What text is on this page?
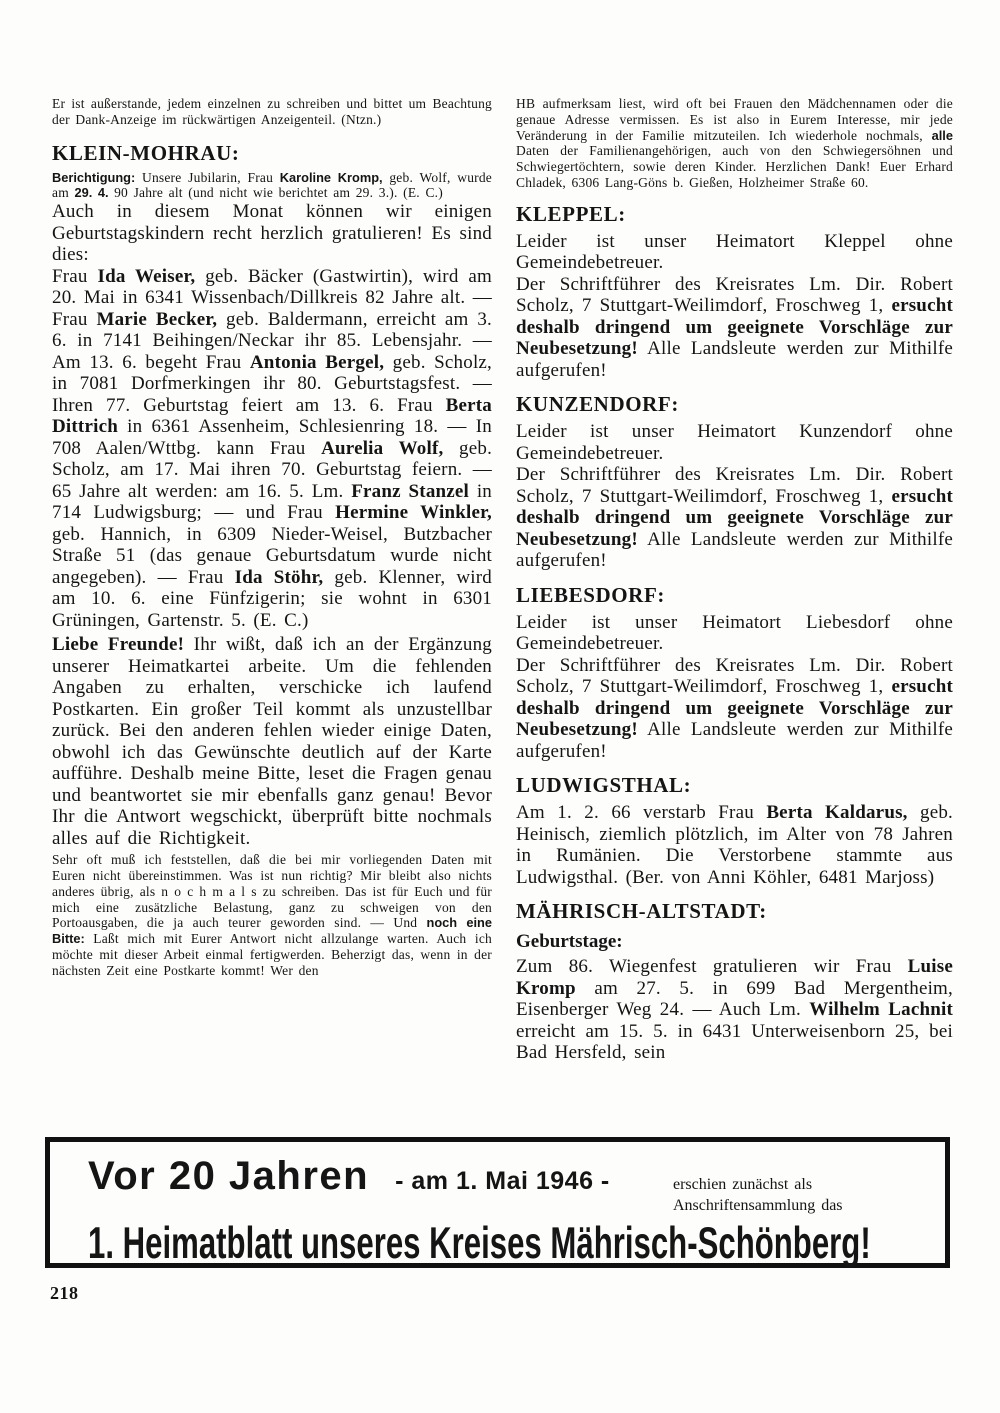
Er ist außerstande, jedem einzelnen zu schreiben und bittet um Beachtung der Dank-Anzeige im rückwärtigen Anzeigenteil. (Ntzn.)

KLEIN-MOHRAU:

Berichtigung: Unsere Jubilarin, Frau Karoline Kromp, geb. Wolf, wurde am 29. 4. 90 Jahre alt (und nicht wie berichtet am 29. 3.). (E. C.)

Auch in diesem Monat können wir einigen Geburtstagskindern recht herzlich gratulieren! Es sind dies:

Frau Ida Weiser, geb. Bäcker (Gastwirtin), wird am 20. Mai in 6341 Wissenbach/Dillkreis 82 Jahre alt. — Frau Marie Becker, geb. Baldermann, erreicht am 3. 6. in 7141 Beihingen/Neckar ihr 85. Lebensjahr. — Am 13. 6. begeht Frau Antonia Bergel, geb. Scholz, in 7081 Dorfmerkingen ihr 80. Geburtstagsfest. — Ihren 77. Geburtstag feiert am 13. 6. Frau Berta Dittrich in 6361 Assenheim, Schlesienring 18. — In 708 Aalen/Wttbg. kann Frau Aurelia Wolf, geb. Scholz, am 17. Mai ihren 70. Geburtstag feiern. — 65 Jahre alt werden: am 16. 5. Lm. Franz Stanzel in 714 Ludwigsburg; — und Frau Hermine Winkler, geb. Hannich, in 6309 Nieder-Weisel, Butzbacher Straße 51 (das genaue Geburtsdatum wurde nicht angegeben). — Frau Ida Stöhr, geb. Klenner, wird am 10. 6. eine Fünfzigerin; sie wohnt in 6301 Grüningen, Gartenstr. 5. (E. C.)

Liebe Freunde! Ihr wißt, daß ich an der Ergänzung unserer Heimatkartei arbeite. Um die fehlenden Angaben zu erhalten, verschicke ich laufend Postkarten. Ein großer Teil kommt als unzustellbar zurück. Bei den anderen fehlen wieder einige Daten, obwohl ich das Gewünschte deutlich auf der Karte aufführe. Deshalb meine Bitte, leset die Fragen genau und beantwortet sie mir ebenfalls ganz genau! Bevor Ihr die Antwort wegschickt, überprüft bitte nochmals alles auf die Richtigkeit.

Sehr oft muß ich feststellen, daß die bei mir vorliegenden Daten mit Euren nicht übereinstimmen. Was ist nun richtig? Mir bleibt also nichts anderes übrig, als n o c h m a l s zu schreiben. Das ist für Euch und für mich eine zusätzliche Belastung, ganz zu schweigen von den Portoausgaben, die ja auch teurer geworden sind. — Und noch eine Bitte: Laßt mich mit Eurer Antwort nicht allzulange warten. Auch ich möchte mit dieser Arbeit einmal fertigwerden. Beherzigt das, wenn in der nächsten Zeit eine Postkarte kommt! Wer den

HB aufmerksam liest, wird oft bei Frauen den Mädchennamen oder die genaue Adresse vermissen. Es ist also in Eurem Interesse, mir jede Veränderung in der Familie mitzuteilen. Ich wiederhole nochmals, alle Daten der Familienangehörigen, auch von den Schwiegersöhnen und Schwiegertöchtern, sowie deren Kinder. Herzlichen Dank! Euer Erhard Chladek, 6306 Lang-Göns b. Gießen, Holzheimer Straße 60.

KLEPPEL:

Leider ist unser Heimatort Kleppel ohne Gemeindebetreuer.

Der Schriftführer des Kreisrates Lm. Dir. Robert Scholz, 7 Stuttgart-Weilimdorf, Froschweg 1, ersucht deshalb dringend um geeignete Vorschläge zur Neubesetzung! Alle Landsleute werden zur Mithilfe aufgerufen!

KUNZENDORF:

Leider ist unser Heimatort Kunzendorf ohne Gemeindebetreuer.

Der Schriftführer des Kreisrates Lm. Dir. Robert Scholz, 7 Stuttgart-Weilimdorf, Froschweg 1, ersucht deshalb dringend um geeignete Vorschläge zur Neubesetzung! Alle Landsleute werden zur Mithilfe aufgerufen!

LIEBESDORF:

Leider ist unser Heimatort Liebesdorf ohne Gemeindebetreuer.

Der Schriftführer des Kreisrates Lm. Dir. Robert Scholz, 7 Stuttgart-Weilimdorf, Froschweg 1, ersucht deshalb dringend um geeignete Vorschläge zur Neubesetzung! Alle Landsleute werden zur Mithilfe aufgerufen!

LUDWIGSTHAL:

Am 1. 2. 66 verstarb Frau Berta Kaldarus, geb. Heinisch, ziemlich plötzlich, im Alter von 78 Jahren in Rumänien. Die Verstorbene stammte aus Ludwigsthal. (Ber. von Anni Köhler, 6481 Marjoss)

MÄHRISCH-ALTSTADT:
Geburtstage:

Zum 86. Wiegenfest gratulieren wir Frau Luise Kromp am 27. 5. in 699 Bad Mergentheim, Eisenberger Weg 24. — Auch Lm. Wilhelm Lachnit erreicht am 15. 5. in 6431 Unterweisenborn 25, bei Bad Hersfeld, sein

Vor 20 Jahren - am 1. Mai 1946 -	erschien zunächst als
Anschriftensammlung das
1. Heimatblatt unseres Kreises Mährisch-Schönberg!
218
